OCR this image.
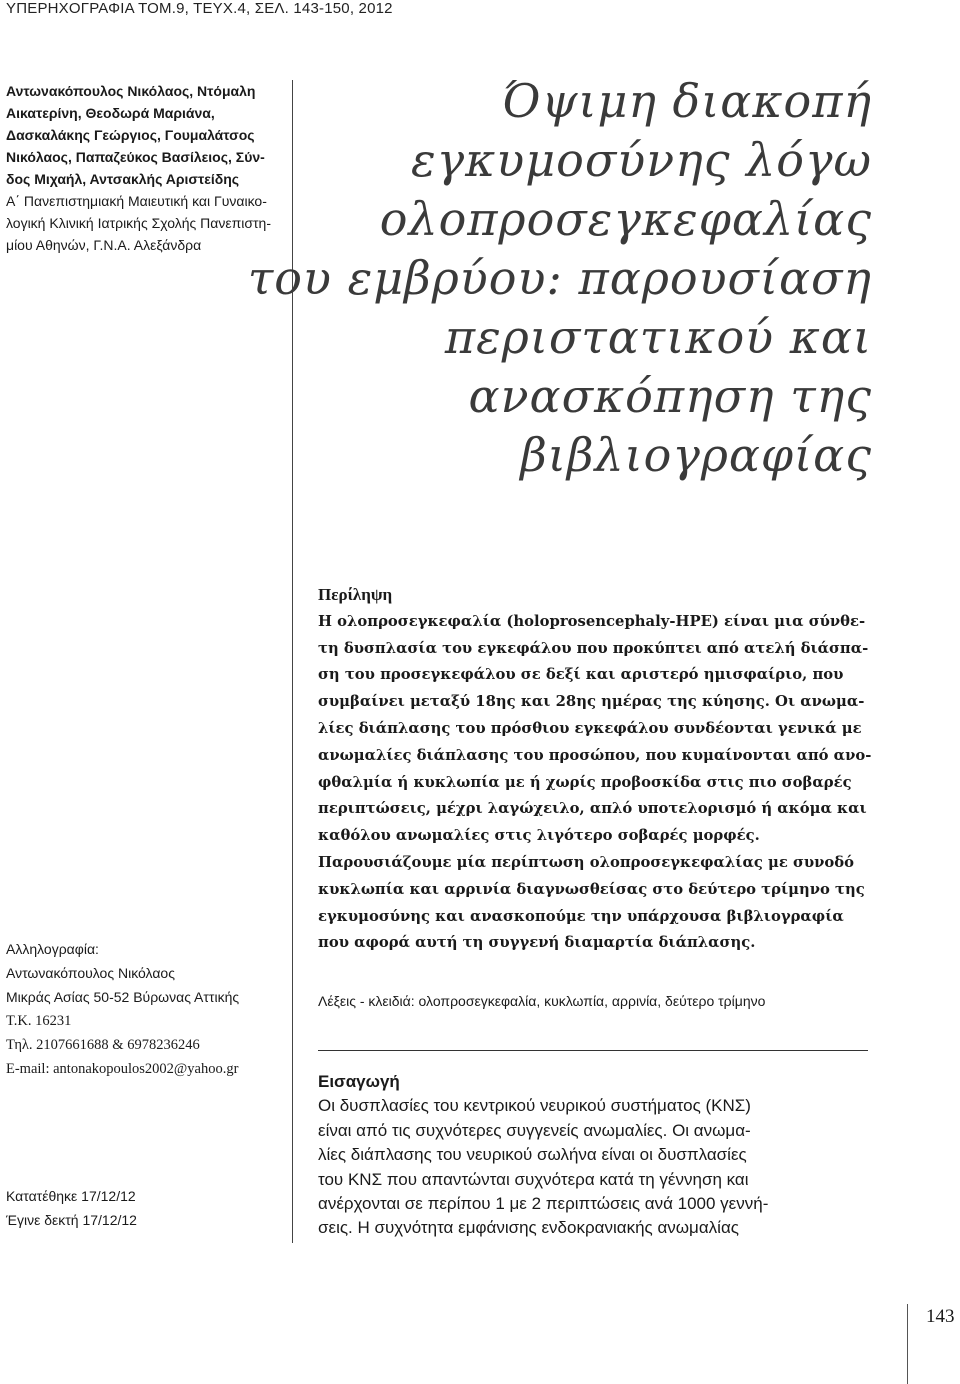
ΥΠΕΡΗΧΟΓΡΑΦΙΑ ΤΟΜ.9, ΤΕΥΧ.4, ΣΕΛ. 143-150, 2012
Αντωνακόπουλος Νικόλαος, Ντόμαλη
Αικατερίνη, Θεοδωρά Μαριάνα,
Δασκαλάκης Γεώργιος, Γουμαλάτσος
Νικόλαος, Παπαζεύκος Βασίλειος, Σύν-
δος Μιχαήλ, Αντσακλής Αριστείδης
Α΄ Πανεπιστημιακή Μαιευτική και Γυναικο-
λογική Κλινική Ιατρικής Σχολής Πανεπιστη-
μίου Αθηνών, Γ.Ν.Α. Αλεξάνδρα
Όψιμη διακοπή
εγκυμοσύνης λόγω
ολοπροσεγκεφαλίας
του εμβρύου: παρουσίαση
περιστατικού και
ανασκόπηση της
βιβλιογραφίας
Αλληλογραφία:
Αντωνακόπουλος Νικόλαος
Μικράς Ασίας 50-52 Βύρωνας Αττικής
Τ.Κ. 16231
Τηλ. 2107661688 & 6978236246
E-mail: antonakopoulos2002@yahoo.gr
Κατατέθηκε 17/12/12
Έγινε δεκτή 17/12/12
Περίληψη
Η ολοπροσεγκεφαλία (holoprosencephaly-HPE) είναι μια σύνθε-
τη δυσπλασία του εγκεφάλου που προκύπτει από ατελή διάσπα-
ση του προσεγκεφάλου σε δεξί και αριστερό ημισφαίριο, που
συμβαίνει μεταξύ 18ης και 28ης ημέρας της κύησης. Οι ανωμα-
λίες διάπλασης του πρόσθιου εγκεφάλου συνδέονται γενικά με
ανωμαλίες διάπλασης του προσώπου, που κυμαίνονται από ανο-
φθαλμία ή κυκλωπία με ή χωρίς προβοσκίδα στις πιο σοβαρές
περιπτώσεις, μέχρι λαγώχειλο, απλό υποτελορισμό ή ακόμα και
καθόλου ανωμαλίες στις λιγότερο σοβαρές μορφές.
Παρουσιάζουμε μία περίπτωση ολοπροσεγκεφαλίας με συνοδό
κυκλωπία και αρρινία διαγνωσθείσας στο δεύτερο τρίμηνο της
εγκυμοσύνης και ανασκοπούμε την υπάρχουσα βιβλιογραφία
που αφορά αυτή τη συγγενή διαμαρτία διάπλασης.
Λέξεις - κλειδιά: ολοπροσεγκεφαλία, κυκλωπία, αρρινία, δεύτερο τρίμηνο
Εισαγωγή
Οι δυσπλασίες του κεντρικού νευρικού συστήματος (ΚΝΣ)
είναι από τις συχνότερες συγγενείς ανωμαλίες. Οι ανωμα-
λίες διάπλασης του νευρικού σωλήνα είναι οι δυσπλασίες
του ΚΝΣ που απαντώνται συχνότερα κατά τη γέννηση και
ανέρχονται σε περίπου 1 με 2 περιπτώσεις ανά 1000 γεννή-
σεις. Η συχνότητα εμφάνισης ενδοκρανιακής ανωμαλίας
143
